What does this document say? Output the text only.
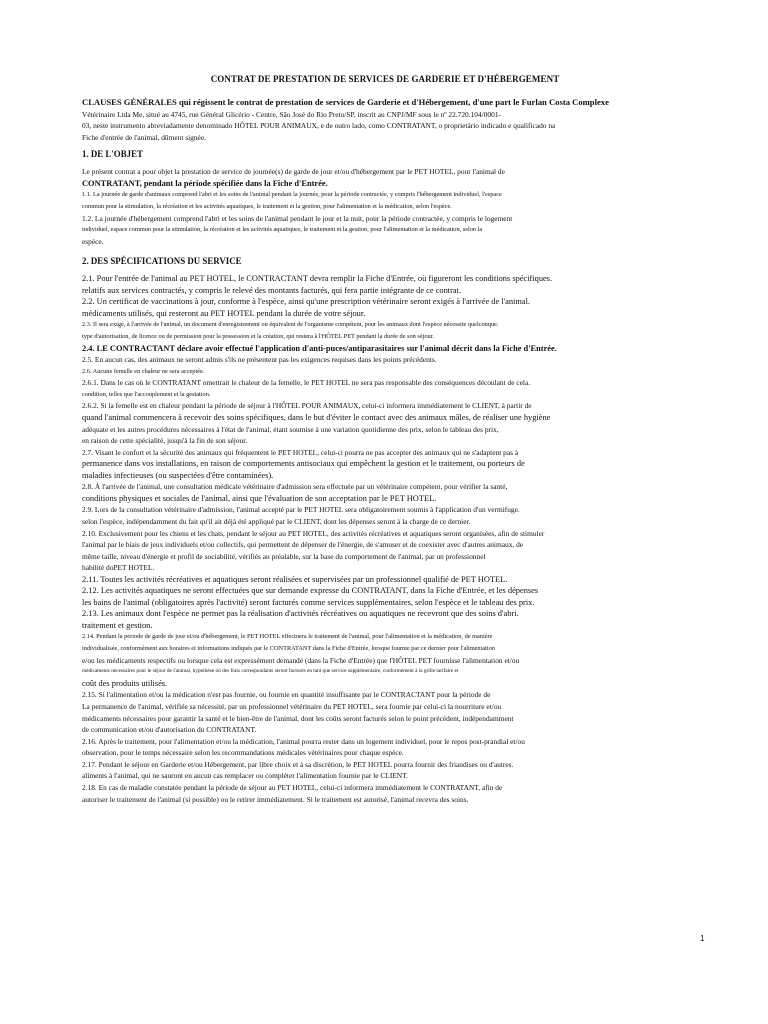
CONTRAT DE PRESTATION DE SERVICES DE GARDERIE ET D'HÉBERGEMENT

CLAUSES GÉNÉRALES qui régissent le contrat de prestation de services de Garderie et d'Hébergement, d'une part le Furlan Costa Complexe

Vétérinaire Ltda Me, situé au 4745, rue Général Glicério - Centre, São José do Rio Preto/SP, inscrit au CNPJ/MF sous le nº 22.720.104/0001-

03, neste instrumento abreviadamente denominado HÔTEL POUR ANIMAUX, e de outro lado, como CONTRATANT, o proprietário indicado e qualificado na

Fiche d'entrée de l'animal, dûment signée.

1. DE L'OBJET

Le présent contrat a pour objet la prestation de service de journée(s) de garde de jour et/ou d'hébergement par le PET HOTEL, pour l'animal de

CONTRATANT, pendant la période spécifiée dans la Fiche d'Entrée.

1.1. La journée de garde d'animaux comprend l'abri et les soins de l'animal pendant la journée, pour la période contractée, y compris l'hébergement individuel, l'espace

commun pour la stimulation, la récréation et les activités aquatiques, le traitement et la gestion, pour l'alimentation et la médication, selon l'espèce.

1.2. La journée d'hébergement comprend l'abri et les soins de l'animal pendant le jour et la nuit, pour la période contractée, y compris le logement

individuel, espace commun pour la stimulation, la récréation et les activités aquatiques, le traitement et la gestion, pour l'alimentation et la médication, selon la

espèce.

2. DES SPÉCIFICATIONS DU SERVICE

2.1. Pour l'entrée de l'animal au PET HOTEL, le CONTRACTANT devra remplir la Fiche d'Entrée, où figureront les conditions spécifiques.

relatifs aux services contractés, y compris le relevé des montants facturés, qui fera partie intégrante de ce contrat.

2.2. Un certificat de vaccinations à jour, conforme à l'espèce, ainsi qu'une prescription vétérinaire seront exigés à l'arrivée de l'animal.

médicaments utilisés, qui resteront au PET HOTEL pendant la durée de votre séjour.

2.3. Il sera exigé, à l'arrivée de l'animal, un document d'enregistrement ou équivalent de l'organisme compétent, pour les animaux dont l'espèce nécessite quelconque.

type d'autorisation, de licence ou de permission pour la possession et la création, qui restera à l'HÔTEL PET pendant la durée de son séjour.

2.4. LE CONTRACTANT déclare avoir effectué l'application d'anti-puces/antiparasitaires sur l'animal décrit dans la Fiche d'Entrée.

2.5. En aucun cas, des animaux ne seront admis s'ils ne présentent pas les exigences requises dans les points précédents.

2.6. Aucune femelle en chaleur ne sera acceptée.

2.6.1. Dans le cas où le CONTRATANT omettrait le chaleur de la femelle, le PET HOTEL ne sera pas responsable des conséquences découlant de cela.

condition, telles que l'accouplement et la gestation.

2.6.2. Si la femelle est en chaleur pendant la période de séjour à l'HÔTEL POUR ANIMAUX, celui-ci informera immédiatement le CLIENT, à partir de

quand l'animal commencera à recevoir des soins spécifiques, dans le but d'éviter le contact avec des animaux mâles, de réaliser une hygiène

adéquate et les autres procédures nécessaires à l'état de l'animal, étant soumise à une variation quotidienne des prix, selon le tableau des prix,

en raison de cette spécialité, jusqu'à la fin de son séjour.

2.7. Visant le confort et la sécurité des animaux qui fréquentent le PET HOTEL, celui-ci pourra ne pas accepter des animaux qui ne s'adaptent pas à

permanence dans vos installations, en raison de comportements antisociaux qui empêchent la gestion et le traitement, ou porteurs de

maladies infectieuses (ou suspectées d'être contaminées).

2.8. À l'arrivée de l'animal, une consultation médicale vétérinaire d'admission sera effectuée par un vétérinaire compétent, pour vérifier la santé,

conditions physiques et sociales de l'animal, ainsi que l'évaluation de son acceptation par le PET HOTEL.

2.9. Lors de la consultation vétérinaire d'admission, l'animal accepté par le PET HOTEL sera obligatoirement soumis à l'application d'un vermifuge.

selon l'espèce, indépendamment du fait qu'il ait déjà été appliqué par le CLIENT, dont les dépenses seront à la charge de ce dernier.

2.10. Exclusivement pour les chiens et les chats, pendant le séjour au PET HOTEL, des activités récréatives et aquatiques seront organisées, afin de stimuler

l'animal par le biais de jeux individuels et/ou collectifs, qui permettent de dépenser de l'énergie, de s'amuser et de coexister avec d'autres animaux, de

même taille, niveau d'énergie et profil de sociabilité, vérifiés au préalable, sur la base du comportement de l'animal, par un professionnel

habilité doPET HOTEL.

2.11. Toutes les activités récréatives et aquatiques seront réalisées et supervisées par un professionnel qualifié de PET HOTEL.

2.12. Les activités aquatiques ne seront effectuées que sur demande expresse du CONTRATANT, dans la Fiche d'Entrée, et les dépenses

les bains de l'animal (obligatoires après l'activité) seront facturés comme services supplémentaires, selon l'espèce et le tableau des prix.

2.13. Les animaux dont l'espèce ne permet pas la réalisation d'activités récréatives ou aquatiques ne recevront que des soins d'abri.

traitement et gestion.

2.14. Pendant la période de garde de jour et/ou d'hébergement, le PET HOTEL effectuera le traitement de l'animal, pour l'alimentation et la médication, de manière

individualisée, conformément aux horaires et informations indiqués par le CONTRATANT dans la Fiche d'Entrée, lorsque fournie par ce dernier pour l'alimentation

e/ou les médicaments respectifs ou lorsque cela est expressément demandé (dans la Fiche d'Entrée) que l'HÔTEL PET fournisse l'alimentation et/ou

médicaments nécessaires pour le séjour de l'animal, hypothèse où des frais correspondants seront facturés en tant que service supplémentaire, conformément à la grille tarifaire et

coût des produits utilisés.

2.15. Si l'alimentation et/ou la médication n'est pas fournie, ou fournie en quantité insuffisante par le CONTRACTANT pour la période de

La permanence de l'animal, vérifiée sa nécessité, par un professionnel vétérinaire du PET HOTEL, sera fournie par celui-ci la nourriture et/ou

médicaments nécessaires pour garantir la santé et le bien-être de l'animal, dont les coûts seront facturés selon le point précédent, indépendamment

de communication et/ou d'autorisation du CONTRATANT.

2.16. Après le traitement, pour l'alimentation et/ou la médication, l'animal pourra rester dans un logement individuel, pour le repos post-prandial et/ou

observation, pour le temps nécessaire selon les recommandations médicales vétérinaires pour chaque espèce.

2.17. Pendant le séjour en Garderie et/ou Hébergement, par libre choix et à sa discrétion, le PET HOTEL pourra fournir des friandises ou d'autres.

aliments à l'animal, qui ne sauront en aucun cas remplacer ou compléter l'alimentation fournie par le CLIENT.

2.18. En cas de maladie constatée pendant la période de séjour au PET HOTEL, celui-ci informera immédiatement le CONTRATANT, afin de

autoriser le traitement de l'animal (si possible) ou le retirer immédiatement. Si le traitement est autorisé, l'animal recevra des soins.

1
